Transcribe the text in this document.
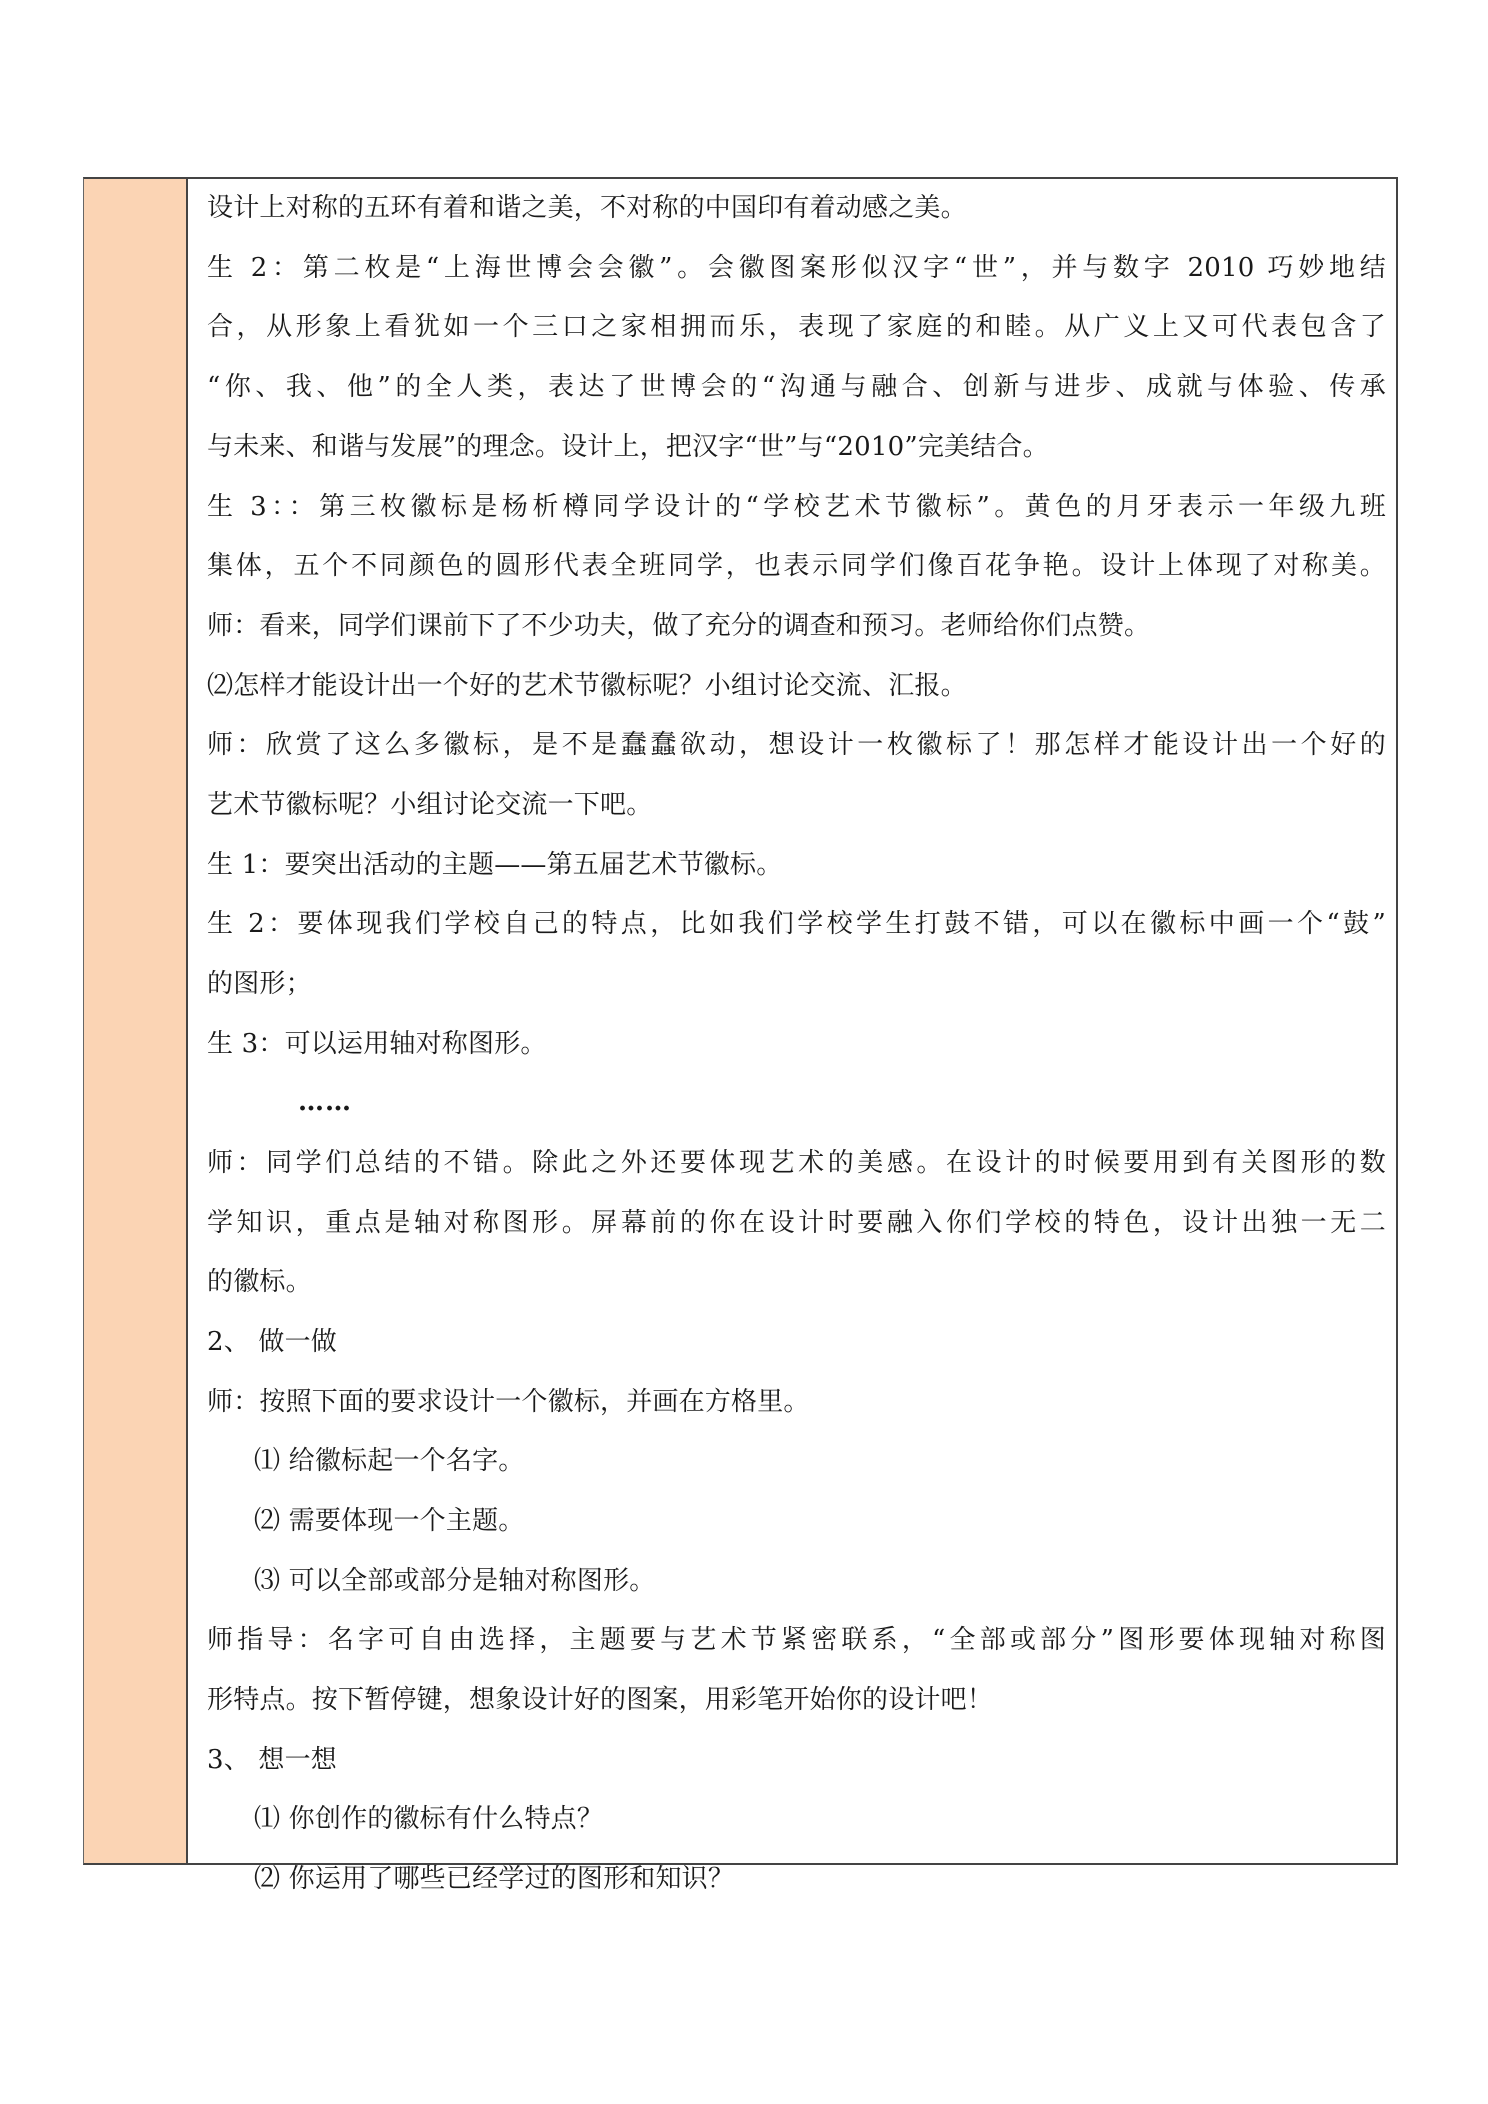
设计上对称的五环有着和谐之美，不对称的中国印有着动感之美。
生 2：第二枚是“上海世博会会徽”。会徽图案形似汉字“世”，并与数字 2010 巧妙地结
合，从形象上看犹如一个三口之家相拥而乐，表现了家庭的和睦。从广义上又可代表包含了
“你、我、他”的全人类，表达了世博会的“沟通与融合、创新与进步、成就与体验、传承
与未来、和谐与发展”的理念。设计上，把汉字“世”与“2010”完美结合。
生 3：：第三枚徽标是杨析樽同学设计的“学校艺术节徽标”。黄色的月牙表示一年级九班
集体，五个不同颜色的圆形代表全班同学，也表示同学们像百花争艳。设计上体现了对称美。
师：看来，同学们课前下了不少功夫，做了充分的调查和预习。老师给你们点赞。
⑵怎样才能设计出一个好的艺术节徽标呢？小组讨论交流、汇报。
师：欣赏了这么多徽标，是不是蠢蠢欲动，想设计一枚徽标了！那怎样才能设计出一个好的
艺术节徽标呢？小组讨论交流一下吧。
生 1：要突出活动的主题——第五届艺术节徽标。
生 2：要体现我们学校自己的特点，比如我们学校学生打鼓不错，可以在徽标中画一个“鼓”
的图形；
生 3：可以运用轴对称图形。
……
师：同学们总结的不错。除此之外还要体现艺术的美感。在设计的时候要用到有关图形的数
学知识，重点是轴对称图形。屏幕前的你在设计时要融入你们学校的特色，设计出独一无二
的徽标。
2、 做一做
师：按照下面的要求设计一个徽标，并画在方格里。
⑴ 给徽标起一个名字。
⑵ 需要体现一个主题。
⑶ 可以全部或部分是轴对称图形。
师指导：名字可自由选择，主题要与艺术节紧密联系，“全部或部分”图形要体现轴对称图
形特点。按下暂停键，想象设计好的图案，用彩笔开始你的设计吧！
3、 想一想
⑴ 你创作的徽标有什么特点？
⑵ 你运用了哪些已经学过的图形和知识？
